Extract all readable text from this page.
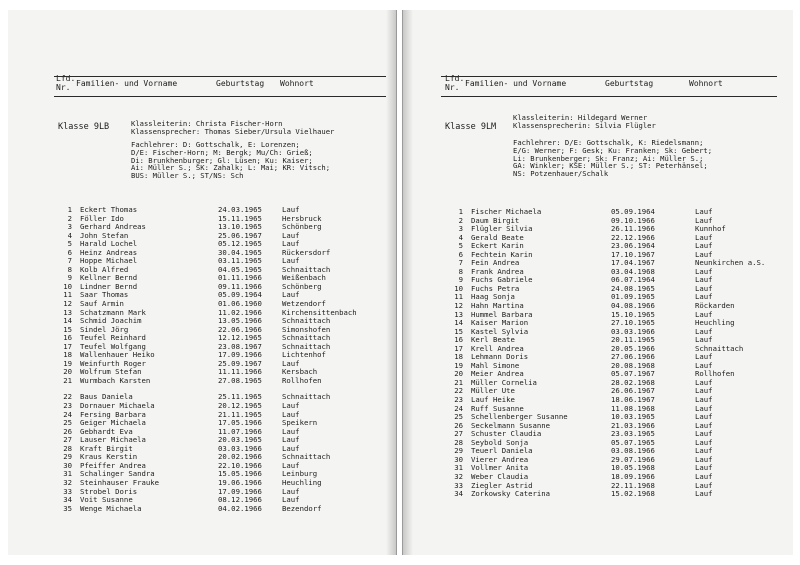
Lfd.
Nr. Familien- und Vorname	Geburtstag Wohnort
Klasse 9LB	Klassleiterin: Christa Fischer-Horn
Klassensprecher: Thomas Sieber/Ursula Vielhauer
Fachlehrer: D: Gottschalk, E: Lorenzen;
D/E: Fischer-Horn; M: Bergk; Mu/Ch: Grieß;
Di: Brunkhenburger; Gl: Lüsen; Ku: Kaiser;
Ai: Müller S.; SK: Zahalk; L: Mai; KR: Vitsch;
BUS: Müller S.; ST/NS: Sch
1 Eckert Thomas	24.03.1965	Lauf
2 Föller Ido	15.11.1965	Hersbruck
3 Gerhard Andreas	13.10.1965	Schönberg
4 John Stefan	25.06.1967	Lauf
5 Harald Lochel	05.12.1965	Lauf
6 Heinz Andreas	30.04.1965	Rückersdorf
7 Hoppe Michael	03.11.1965	Lauf
8 Kolb Alfred	04.05.1965	Schnaittach
9 Kellner Bernd	01.11.1966	Weißenbach
10 Lindner Bernd	09.11.1966	Schönberg
11 Saar Thomas	05.09.1964	Lauf
12 Sauf Armin	01.06.1960	Wetzendorf
13 Schatzmann Mark	11.02.1966	Kirchensittenbach
14 Schmid Joachim	13.05.1966	Schnaittach
15 Sindel Jörg	22.06.1966	Simonshofen
16 Teufel Reinhard	12.12.1965	Schnaittach
17 Teufel Wolfgang	23.08.1967	Schnaittach
18 Wallenhauer Heiko	17.09.1966	Lichtenhof
19 Weinfurth Roger	25.09.1967	Lauf
20 Wolfrum Stefan	11.11.1966	Kersbach
21 Wurmbach Karsten	27.08.1965	Rollhofen
22 Baus Daniela	25.11.1965	Schnaittach
23 Dornauer Michaela	20.12.1965	Lauf
24 Fersing Barbara	21.11.1965	Lauf
25 Geiger Michaela	17.05.1966	Speikern
26 Gebhardt Eva	11.07.1966	Lauf
27 Lauser Michaela	20.03.1965	Lauf
28 Kraft Birgit	03.03.1966	Lauf
29 Kraus Kerstin	20.02.1966	Schnaittach
30 Pfeiffer Andrea	22.10.1966	Lauf
31 Schalinger Sandra	15.05.1966	Leinburg
32 Steinhauser Frauke	19.06.1966	Heuchling
33 Strobel Doris	17.09.1966	Lauf
34 Voit Susanne	08.12.1966	Lauf
35 Wenge Michaela	04.02.1966	Bezendorf
Lfd.
Nr. Familien- und Vorname	Geburtstag	Wohnort
Klasse 9LM
Klassleiterin: Hildegard Werner
Klassensprecherin: Silvia Flügler
Fachlehrer: D/E: Gottschalk, K: Riedelsmann;
E/G: Werner; F: Gesk; Ku: Franken; Sk: Gebert;
Li: Brunkenberger; Sk: Franz; Ai: Müller S.;
GA: Winkler; KSE: Müller S.; ST: Peterhänsel;
NS: Potzenhauer/Schalk
1 Fischer Michaela	05.09.1964	Lauf
2 Daum Birgit	09.10.1966	Lauf
3 Flügler Silvia	26.11.1966	Kunnhof
4 Gerald Beate	22.12.1966	Lauf
5 Eckert Karin	23.06.1964	Lauf
6 Fechtein Karin	17.10.1967	Lauf
7 Fein Andrea	17.04.1967	Neunkirchen a.S.
8 Frank Andrea	03.04.1968	Lauf
9 Fuchs Gabriele	06.07.1964	Lauf
10 Fuchs Petra	24.08.1965	Lauf
11 Haag Sonja	01.09.1965	Lauf
12 Hahn Martina	04.08.1966	Röckarden
13 Hummel Barbara	15.10.1965	Lauf
14 Kaiser Marion	27.10.1965	Heuchling
15 Kastel Sylvia	03.03.1966	Lauf
16 Kerl Beate	20.11.1965	Lauf
17 Krell Andrea	20.05.1966	Schnaittach
18 Lehmann Doris	27.06.1966	Lauf
19 Mahl Simone	20.08.1968	Lauf
20 Meier Andrea	05.07.1967	Rollhofen
21 Müller Cornelia	28.02.1968	Lauf
22 Müller Ute	26.06.1967	Lauf
23 Lauf Heike	18.06.1967	Lauf
24 Ruff Susanne	11.08.1968	Lauf
25 Schellenberger Susanne	10.03.1965	Lauf
26 Seckelmann Susanne	21.03.1966	Lauf
27 Schuster Claudia	23.03.1965	Lauf
28 Seybold Sonja	05.07.1965	Lauf
29 Teuerl Daniela	03.08.1966	Lauf
30 Vierer Andrea	29.07.1966	Lauf
31 Vollmer Anita	10.05.1968	Lauf
32 Weber Claudia	18.09.1966	Lauf
33 Ziegler Astrid	22.11.1968	Lauf
34 Zorkowsky Caterina	15.02.1968	Lauf
